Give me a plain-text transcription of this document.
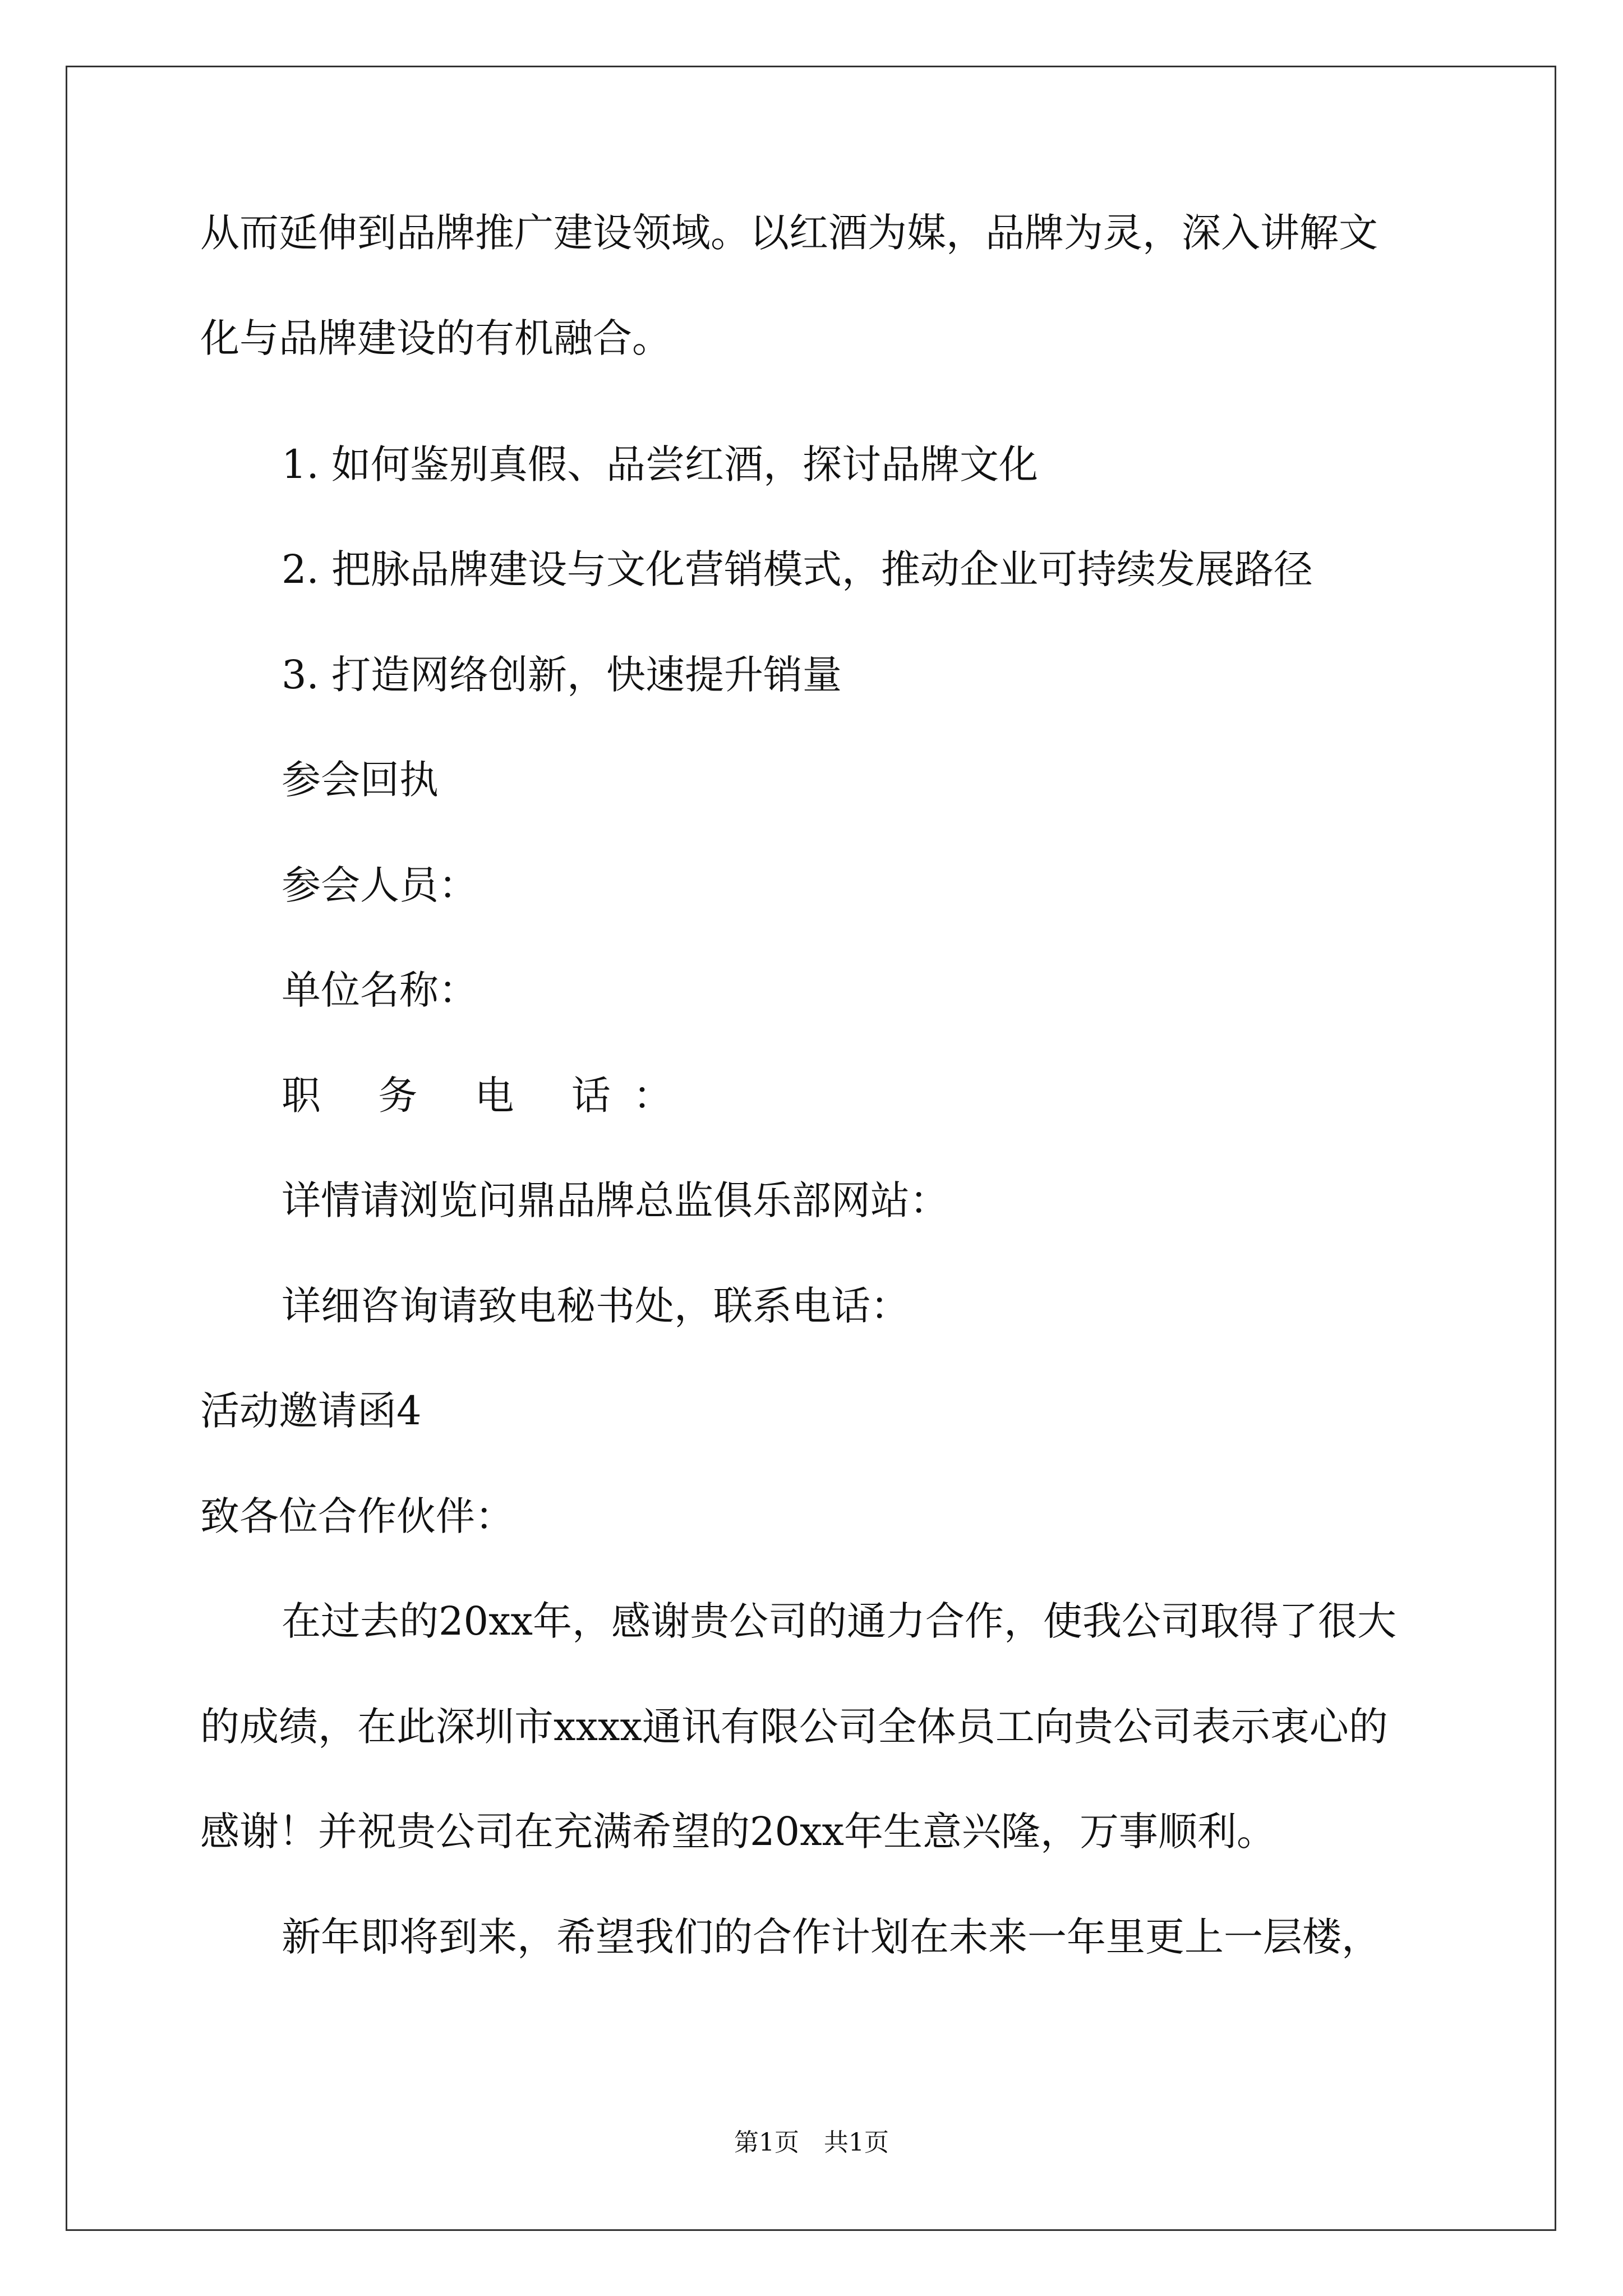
从而延伸到品牌推广建设领域。以红酒为媒，品牌为灵，深入讲解文
化与品牌建设的有机融合。
1. 如何鉴别真假、品尝红酒，探讨品牌文化
2. 把脉品牌建设与文化营销模式，推动企业可持续发展路径
3. 打造网络创新，快速提升销量
参会回执
参会人员：
单位名称：
职 务 电 话：
详情请浏览问鼎品牌总监俱乐部网站：
详细咨询请致电秘书处，联系电话：
活动邀请函4
致各位合作伙伴：
在过去的20xx年，感谢贵公司的通力合作，使我公司取得了很大
的成绩，在此深圳市xxxx通讯有限公司全体员工向贵公司表示衷心的
感谢！并祝贵公司在充满希望的20xx年生意兴隆，万事顺利。
新年即将到来，希望我们的合作计划在未来一年里更上一层楼，
第1页　共1页
